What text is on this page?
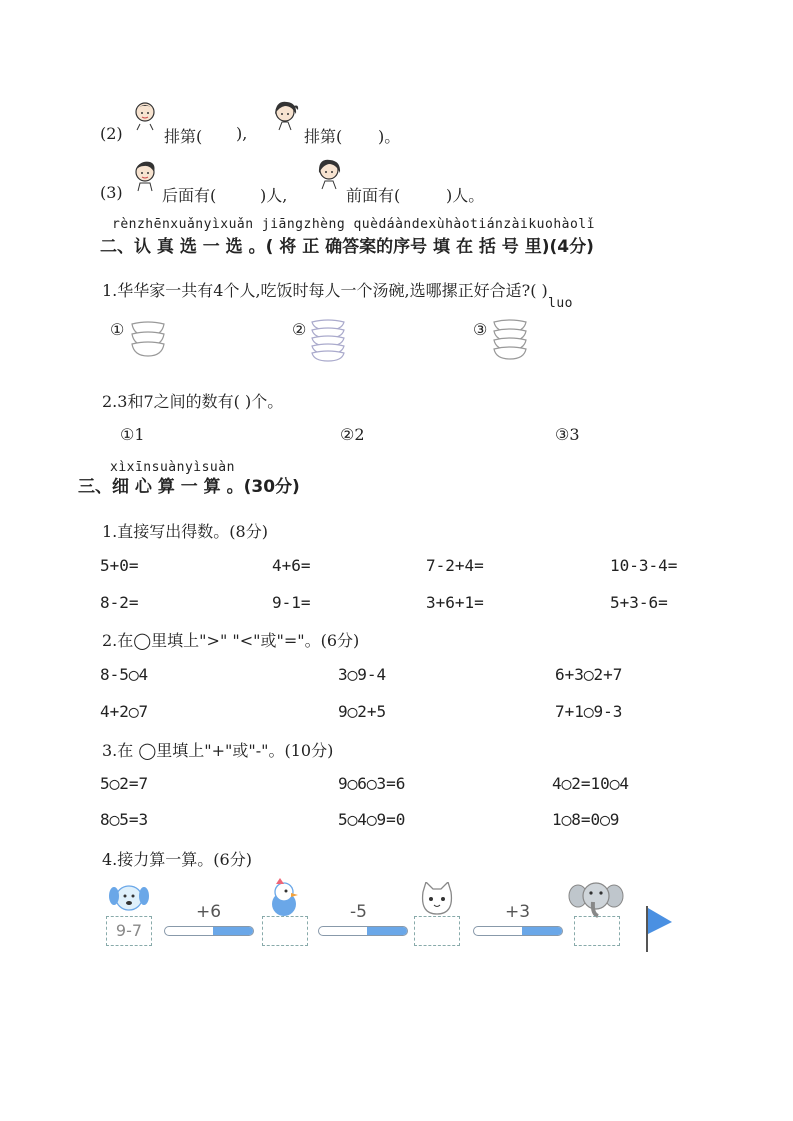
(2)	排第( ),	排第( )。
(3) 后面有(	)人,	前面有(	)人。
rènzhēnxuǎnyìxuǎn jiāngzhèng quèdáàndexùhàotiánzàikuohàolǐ
二、认 真 选 一 选 。( 将 正 确答案的序号 填 在 括 号 里)(4分)
1.华华家一共有4个人,吃饭时每人一个汤碗,选哪摞正好合适?( )
luo
①	②	③
2.3和7之间的数有( )个。
①1	②2	③3
xìxīnsuànyìsuàn
三、细 心 算 一 算 。(30分)
1.直接写出得数。(8分)
5+0=	4+6=	7-2+4=	10-3-4=
8-2=	9-1=	3+6+1=	5+3-6=
2.在◯里填上">" "<"或"="。(6分)
8-5◯4	3◯9-4	6+3◯2+7
4+2◯7	9◯2+5	7+1◯9-3
3.在 ◯里填上"+"或"-"。(10分)
5◯2=7	9◯6◯3=6	4◯2=10◯4
8◯5=3	5◯4◯9=0	1◯8=0◯9
4.接力算一算。(6分)
9-7
+6	-5	+3
